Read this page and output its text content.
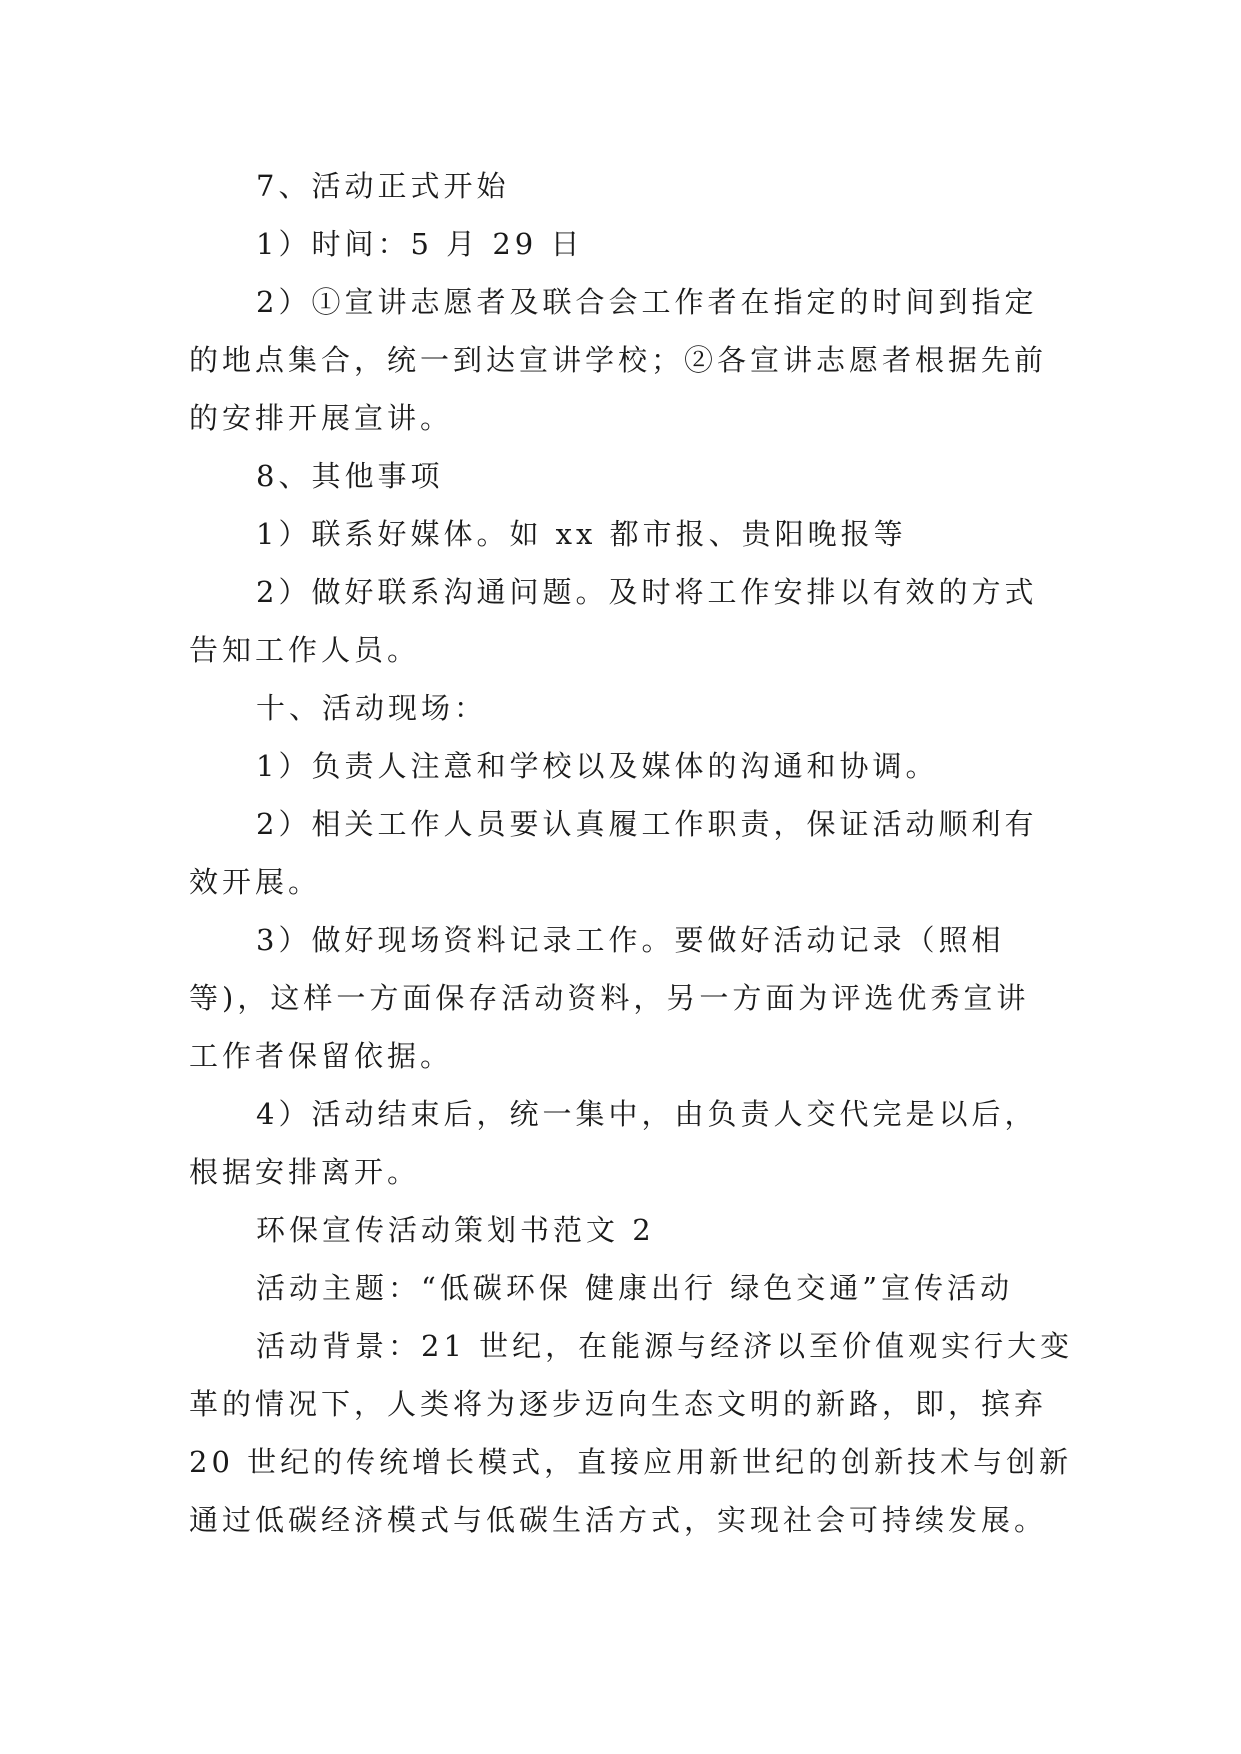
7、活动正式开始
1）时间：5 月 29 日
2）①宣讲志愿者及联合会工作者在指定的时间到指定
的地点集合，统一到达宣讲学校；②各宣讲志愿者根据先前
的安排开展宣讲。
8、其他事项
1）联系好媒体。如 xx 都市报、贵阳晚报等
2）做好联系沟通问题。及时将工作安排以有效的方式
告知工作人员。
十、活动现场：
1）负责人注意和学校以及媒体的沟通和协调。
2）相关工作人员要认真履工作职责，保证活动顺利有
效开展。
3）做好现场资料记录工作。要做好活动记录（照相
等)，这样一方面保存活动资料，另一方面为评选优秀宣讲
工作者保留依据。
4）活动结束后，统一集中，由负责人交代完是以后，
根据安排离开。
环保宣传活动策划书范文 2
活动主题：“低碳环保 健康出行 绿色交通”宣传活动
活动背景：21 世纪，在能源与经济以至价值观实行大变
革的情况下，人类将为逐步迈向生态文明的新路，即，摈弃
20 世纪的传统增长模式，直接应用新世纪的创新技术与创新
通过低碳经济模式与低碳生活方式，实现社会可持续发展。
